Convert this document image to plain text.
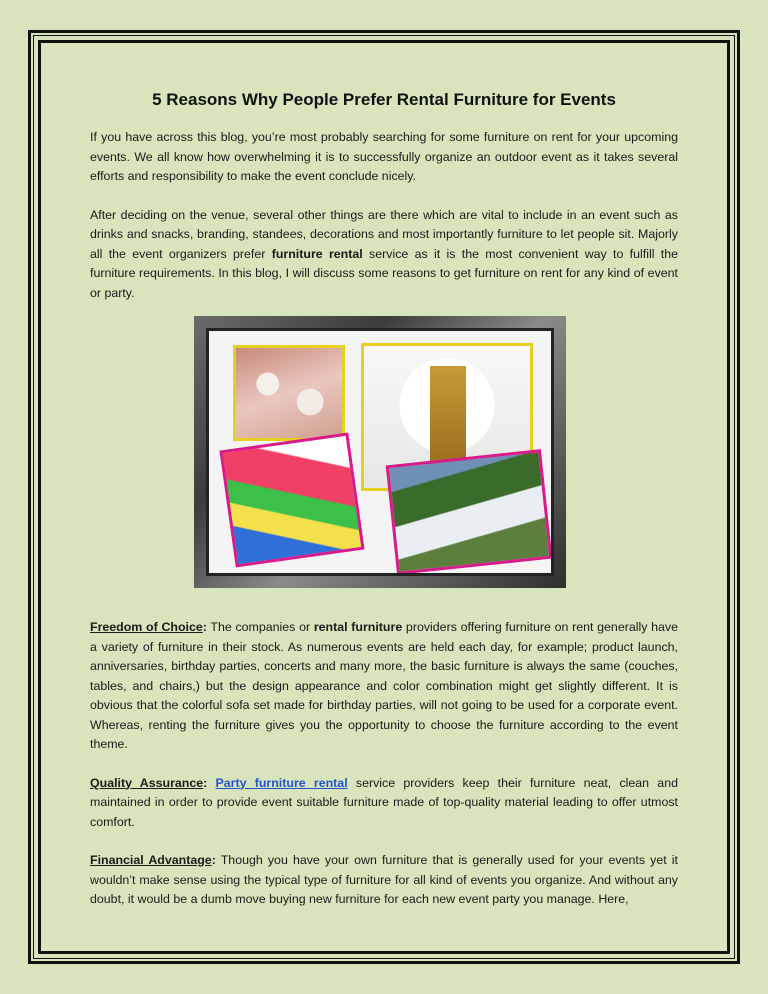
5 Reasons Why People Prefer Rental Furniture for Events

If you have across this blog, you’re most probably searching for some furniture on rent for your upcoming events. We all know how overwhelming it is to successfully organize an outdoor event as it takes several efforts and responsibility to make the event conclude nicely.

After deciding on the venue, several other things are there which are vital to include in an event such as drinks and snacks, branding, standees, decorations and most importantly furniture to let people sit. Majorly all the event organizers prefer furniture rental service as it is the most convenient way to fulfill the furniture requirements. In this blog, I will discuss some reasons to get furniture on rent for any kind of event or party.

Freedom of Choice: The companies or rental furniture providers offering furniture on rent generally have a variety of furniture in their stock. As numerous events are held each day, for example; product launch, anniversaries, birthday parties, concerts and many more, the basic furniture is always the same (couches, tables, and chairs,) but the design appearance and color combination might get slightly different. It is obvious that the colorful sofa set made for birthday parties, will not going to be used for a corporate event. Whereas, renting the furniture gives you the opportunity to choose the furniture according to the event theme.

Quality Assurance: Party furniture rental service providers keep their furniture neat, clean and maintained in order to provide event suitable furniture made of top-quality material leading to offer utmost comfort.

Financial Advantage: Though you have your own furniture that is generally used for your events yet it wouldn’t make sense using the typical type of furniture for all kind of events you organize. And without any doubt, it would be a dumb move buying new furniture for each new event party you manage. Here,
